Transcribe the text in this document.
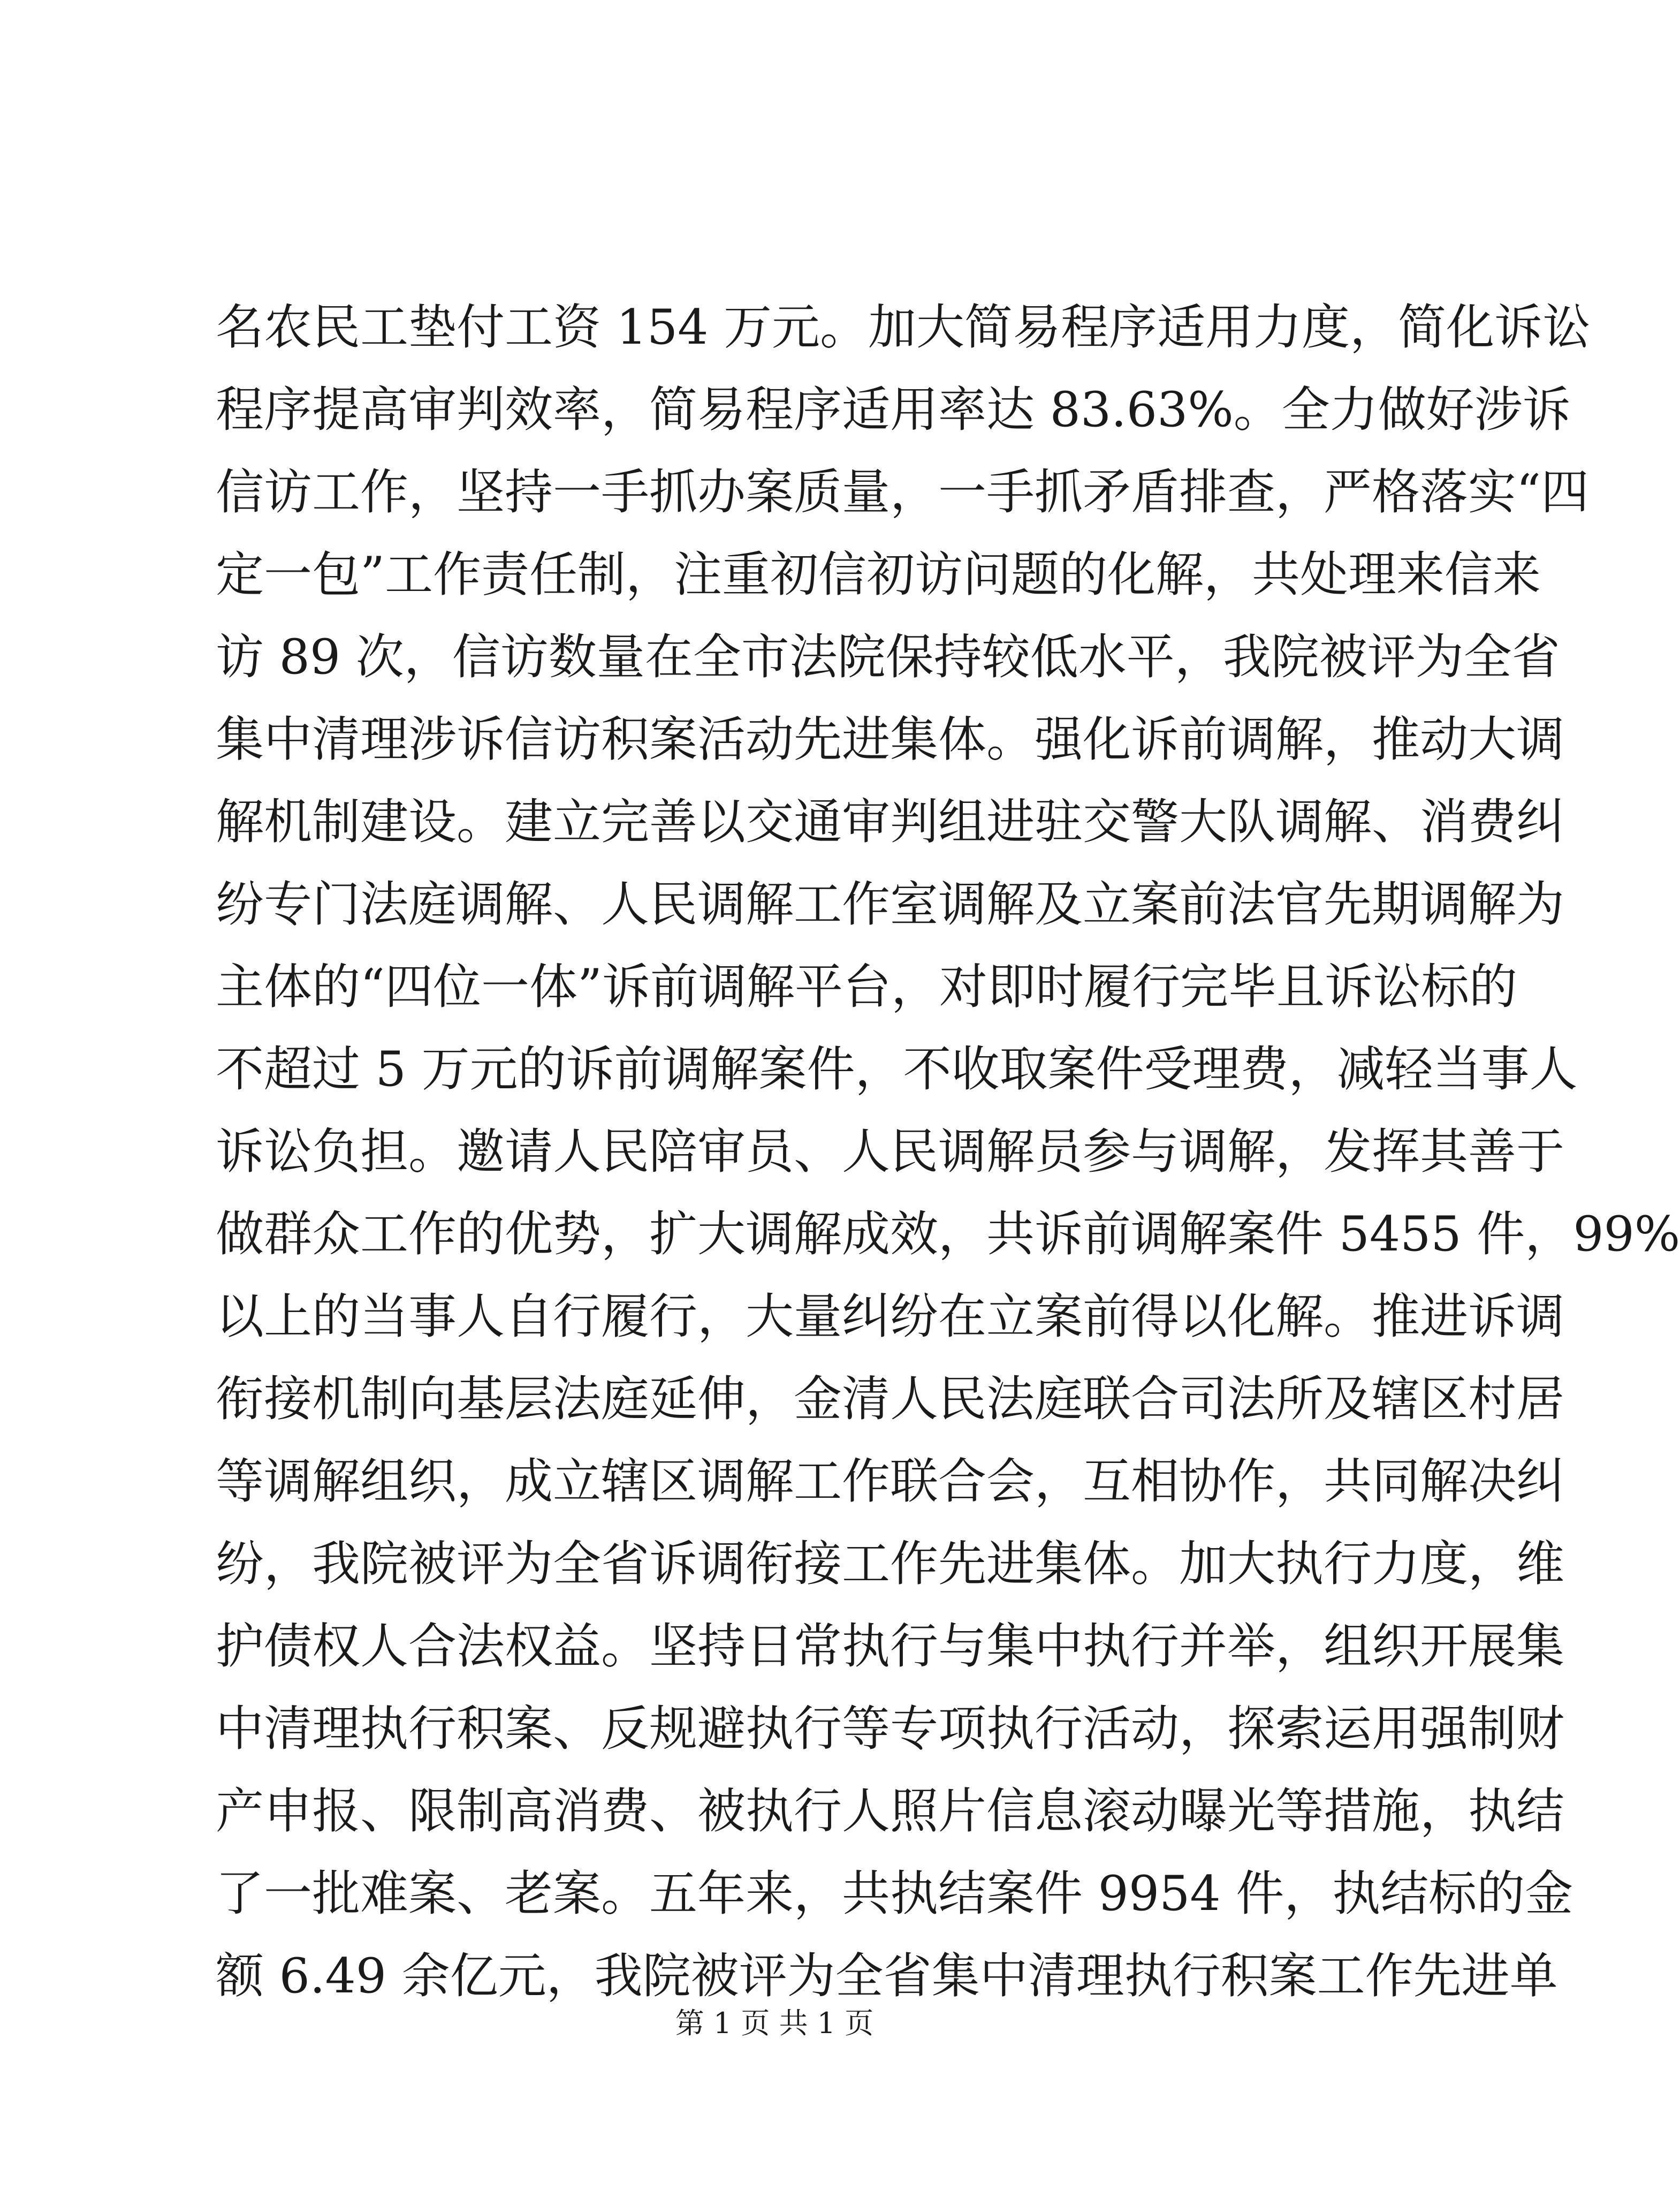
名农民工垫付工资 154 万元。加大简易程序适用力度，简化诉讼
程序提高审判效率，简易程序适用率达 83.63%。全力做好涉诉
信访工作，坚持一手抓办案质量，一手抓矛盾排查，严格落实“四
定一包”工作责任制，注重初信初访问题的化解，共处理来信来
访 89 次，信访数量在全市法院保持较低水平，我院被评为全省
集中清理涉诉信访积案活动先进集体。强化诉前调解，推动大调
解机制建设。建立完善以交通审判组进驻交警大队调解、消费纠
纷专门法庭调解、人民调解工作室调解及立案前法官先期调解为
主体的“四位一体”诉前调解平台，对即时履行完毕且诉讼标的
不超过 5 万元的诉前调解案件，不收取案件受理费，减轻当事人
诉讼负担。邀请人民陪审员、人民调解员参与调解，发挥其善于
做群众工作的优势，扩大调解成效，共诉前调解案件 5455 件，99%
以上的当事人自行履行，大量纠纷在立案前得以化解。推进诉调
衔接机制向基层法庭延伸，金清人民法庭联合司法所及辖区村居
等调解组织，成立辖区调解工作联合会，互相协作，共同解决纠
纷，我院被评为全省诉调衔接工作先进集体。加大执行力度，维
护债权人合法权益。坚持日常执行与集中执行并举，组织开展集
中清理执行积案、反规避执行等专项执行活动，探索运用强制财
产申报、限制高消费、被执行人照片信息滚动曝光等措施，执结
了一批难案、老案。五年来，共执结案件 9954 件，执结标的金
额 6.49 余亿元，我院被评为全省集中清理执行积案工作先进单
第 1 页 共 1 页
